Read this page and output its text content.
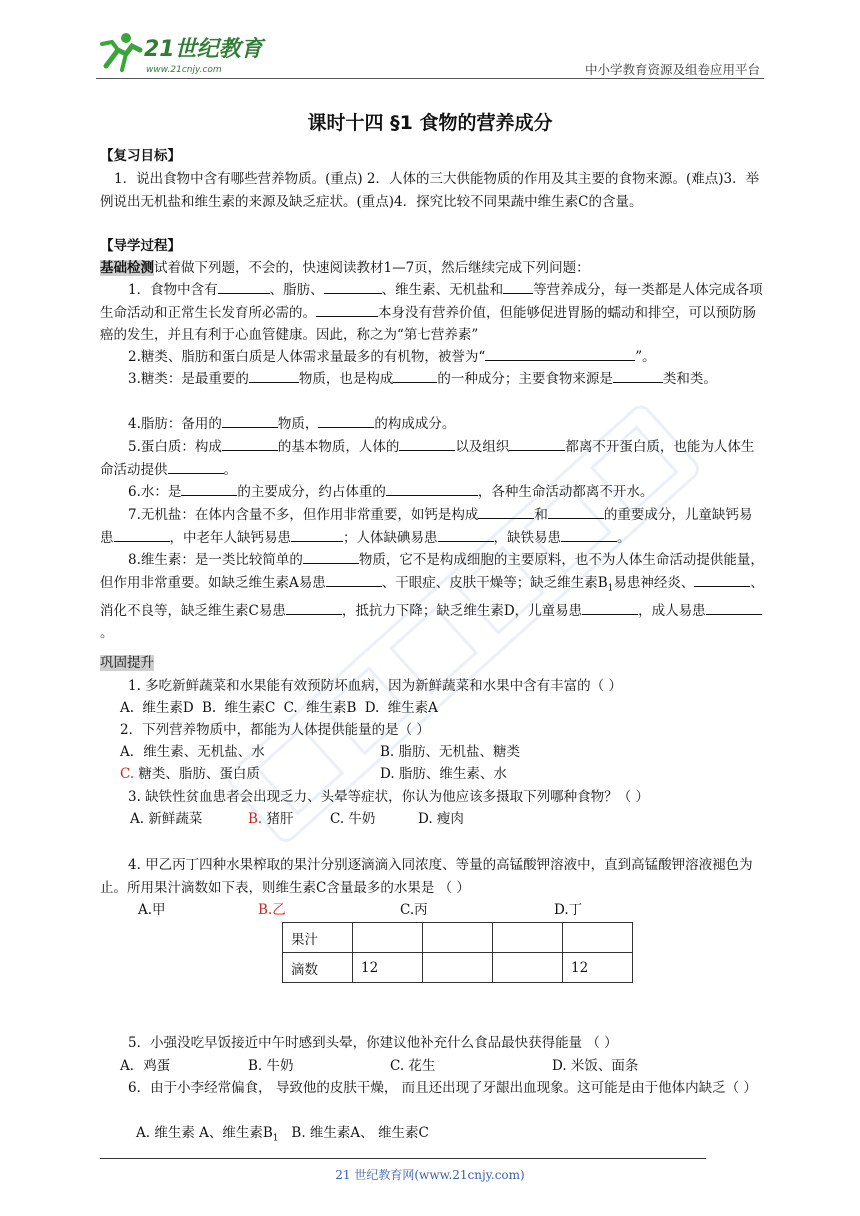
21世纪教育
www.21cnjy.com	中小学教育资源及组卷应用平台
课时十四 §1 食物的营养成分
【复习目标】
1．说出食物中含有哪些营养物质。(重点) 2．人体的三大供能物质的作用及其主要的食物来源。(难点)3．举例说出无机盐和维生素的来源及缺乏症状。(重点)4．探究比较不同果蔬中维生素C的含量。
【导学过程】
基础检测试着做下列题，不会的，快速阅读教材1—7页，然后继续完成下列问题：
1．食物中含有	、脂肪、	、维生素、无机盐和 等营养成分，每一类都是人体完成各项生命活动和正常生长发育所必需的。	本身没有营养价值，但能够促进胃肠的蠕动和排空，可以预防肠癌的发生，并且有利于心血管健康。因此，称之为“第七营养素”
2.糖类、脂肪和蛋白质是人体需求量最多的有机物，被誉为“	”。
3.糖类：是最重要的	物质，也是构成	的一种成分；主要食物来源是	类和类。
4.脂肪：备用的	物质，	的构成成分。
5.蛋白质：构成	的基本物质，人体的	以及组织	都离不开蛋白质，也能为人体生命活动提供	。
6.水：是	的主要成分，约占体重的	，各种生命活动都离不开水。
7.无机盐：在体内含量不多，但作用非常重要，如钙是构成	和	的重要成分，儿童缺钙易患	，中老年人缺钙易患	；人体缺碘易患	，缺铁易患	。
8.维生素：是一类比较简单的	物质，它不是构成细胞的主要原料，也不为人体生命活动提供能量，但作用非常重要。如缺乏维生素A易患	、干眼症、皮肤干燥等；缺乏维生素$B_1$易患神经炎、	、消化不良等，缺乏维生素C易患	，抵抗力下降；缺乏维生素D，儿童易患	，成人易患。
巩固提升
1. 多吃新鲜蔬菜和水果能有效预防坏血病，因为新鲜蔬菜和水果中含有丰富的（ ）
A. 维生素D B. 维生素C C. 维生素B D. 维生素A
2．下列营养物质中，都能为人体提供能量的是（ ）
A．维生素、无机盐、水	B. 脂肪、无机盐、糖类
C. 糖类、脂肪、蛋白质	D. 脂肪、维生素、水
3. 缺铁性贫血患者会出现乏力、头晕等症状，你认为他应该多摄取下列哪种食物？（ ）
A. 新鲜蔬菜	B. 猪肝	C. 牛奶	D. 瘦肉
4. 甲乙丙丁四种水果榨取的果汁分别逐滴滴入同浓度、等量的高锰酸钾溶液中，直到高锰酸钾溶液褪色为止。所用果汁滴数如下表，则维生素C含量最多的水果是 （ ）
A.甲	B.乙	C.丙	D.丁
果汁				
滴数	12			12
5．小强没吃早饭接近中午时感到头晕，你建议他补充什么食品最快获得能量 （ ）
A．鸡蛋	B. 牛奶	C. 花生	D. 米饭、面条
6．由于小李经常偏食， 导致他的皮肤干燥， 而且还出现了牙龈出血现象。这可能是由于他体内缺乏（ ）
A. 维生素 A、维生素$B_1$   B. 维生素A、 维生素C
21 世纪教育网(www.21cnjy.com)
